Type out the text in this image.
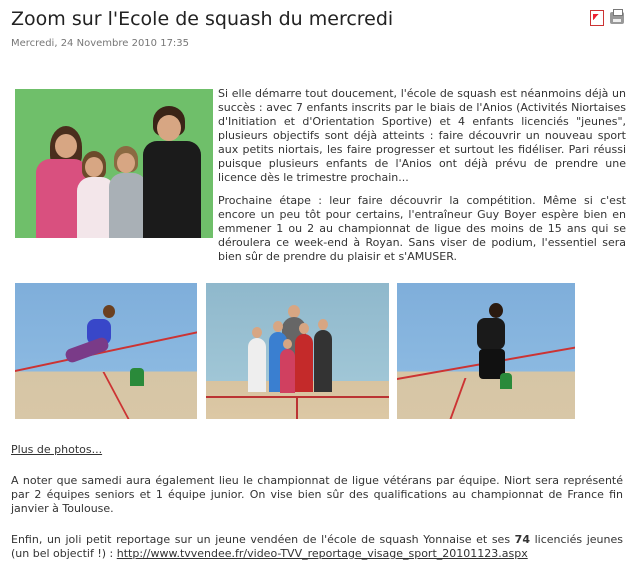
Zoom sur l'Ecole de squash du mercredi
Mercredi, 24 Novembre 2010 17:35

Si elle démarre tout doucement, l'école de squash est néanmoins déjà un succès : avec 7 enfants inscrits par le biais de l'Anios (Activités Niortaises d'Initiation et d'Orientation Sportive) et 4 enfants licenciés "jeunes", plusieurs objectifs sont déjà atteints : faire découvrir un nouveau sport aux petits niortais, les faire progresser et surtout les fidéliser. Pari réussi puisque plusieurs enfants de l'Anios ont déjà prévu de prendre une licence dès le trimestre prochain...

Prochaine étape : leur faire découvrir la compétition. Même si c'est encore un peu tôt pour certains, l'entraîneur Guy Boyer espère bien en emmener 1 ou 2 au championnat de ligue des moins de 15 ans qui se déroulera ce week-end à Royan. Sans viser de podium, l'essentiel sera bien sûr de prendre du plaisir et s'AMUSER.

Plus de photos...

A noter que samedi aura également lieu le championnat de ligue vétérans par équipe. Niort sera représenté par 2 équipes seniors et 1 équipe junior. On vise bien sûr des qualifications au championnat de France fin janvier à Toulouse.

Enfin, un joli petit reportage sur un jeune vendéen de l'école de squash Yonnaise et ses 74 licenciés jeunes (un bel objectif !) : http://www.tvvendee.fr/video-TVV_reportage_visage_sport_20101123.aspx
